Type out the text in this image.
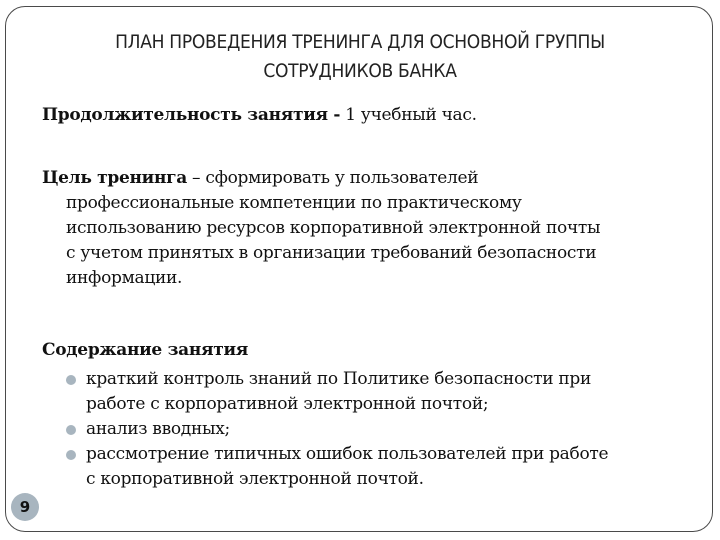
ПЛАН ПРОВЕДЕНИЯ ТРЕНИНГА ДЛЯ ОСНОВНОЙ ГРУППЫ
СОТРУДНИКОВ БАНКА
Продолжительность занятия - 1 учебный час.
Цель тренинга – сформировать у пользователей
профессиональные компетенции по практическому
использованию ресурсов корпоративной электронной почты
с учетом принятых в организации требований безопасности
информации.
Содержание занятия
краткий контроль знаний по Политике безопасности при
работе с корпоративной электронной почтой;
анализ вводных;
рассмотрение типичных ошибок пользователей при работе
с корпоративной электронной почтой.
9
